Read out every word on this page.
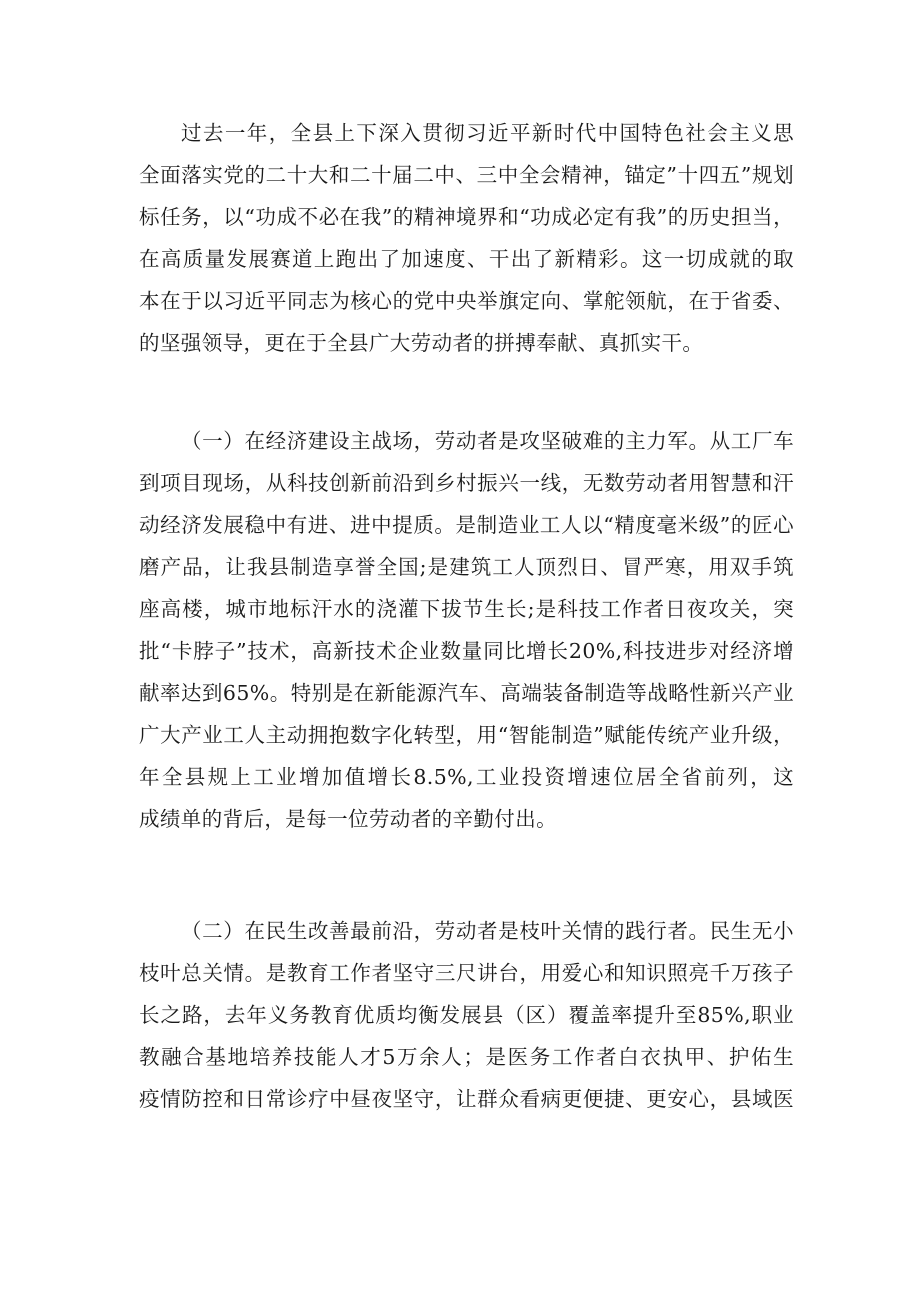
过去一年，全县上下深入贯彻习近平新时代中国特色社会主义思
全面落实党的二十大和二十届二中、三中全会精神，锚定”十四五”规划
标任务，以“功成不必在我”的精神境界和“功成必定有我”的历史担当，
在高质量发展赛道上跑出了加速度、干出了新精彩。这一切成就的取
本在于以习近平同志为核心的党中央举旗定向、掌舵领航，在于省委、
的坚强领导，更在于全县广大劳动者的拼搏奉献、真抓实干。

（一）在经济建设主战场，劳动者是攻坚破难的主力军。从工厂车
到项目现场，从科技创新前沿到乡村振兴一线，无数劳动者用智慧和汗
动经济发展稳中有进、进中提质。是制造业工人以“精度毫米级”的匠心
磨产品，让我县制造享誉全国;是建筑工人顶烈日、冒严寒，用双手筑
座高楼，城市地标汗水的浇灌下拔节生长;是科技工作者日夜攻关，突
批“卡脖子”技术，高新技术企业数量同比增长20%,科技进步对经济增
献率达到65%。特别是在新能源汽车、高端装备制造等战略性新兴产业
广大产业工人主动拥抱数字化转型，用“智能制造”赋能传统产业升级，
年全县规上工业增加值增长8.5%,工业投资增速位居全省前列，这
成绩单的背后，是每一位劳动者的辛勤付出。

（二）在民生改善最前沿，劳动者是枝叶关情的践行者。民生无小
枝叶总关情。是教育工作者坚守三尺讲台，用爱心和知识照亮千万孩子
长之路，去年义务教育优质均衡发展县（区）覆盖率提升至85%,职业
教融合基地培养技能人才5万余人；是医务工作者白衣执甲、护佑生
疫情防控和日常诊疗中昼夜坚守，让群众看病更便捷、更安心，县域医
